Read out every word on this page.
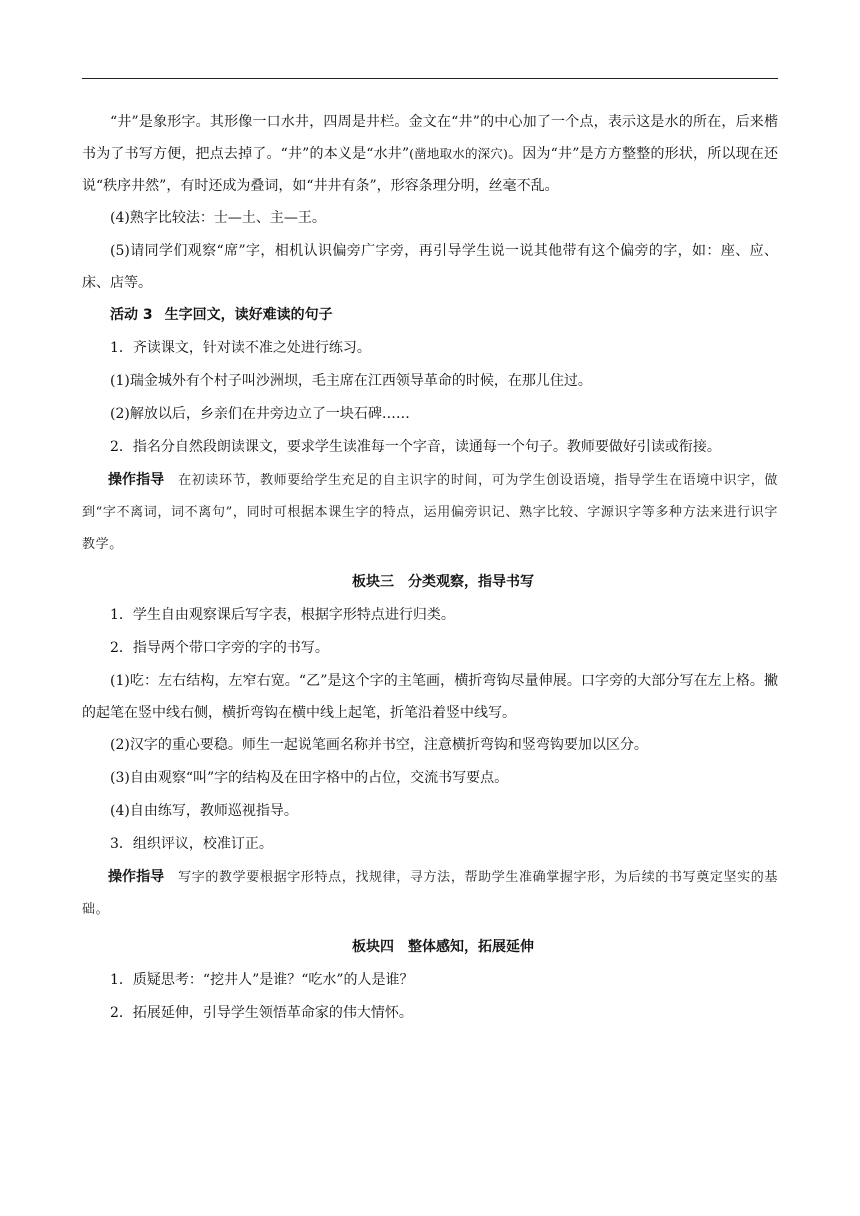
“井”是象形字。其形像一口水井，四周是井栏。金文在“井”的中心加了一个点，表示这是水的所在，后来楷书为了书写方便，把点去掉了。“井”的本义是“水井”(凿地取水的深穴)。因为“井”是方方整整的形状，所以现在还说“秩序井然”，有时还成为叠词，如“井井有条”，形容条理分明，丝毫不乱。

(4)熟字比较法：士—土、主—王。

(5)请同学们观察“席”字，相机认识偏旁广字旁，再引导学生说一说其他带有这个偏旁的字，如：座、应、床、店等。

活动 3 生字回文，读好难读的句子

1．齐读课文，针对读不准之处进行练习。

(1)瑞金城外有个村子叫沙洲坝，毛主席在江西领导革命的时候，在那儿住过。

(2)解放以后，乡亲们在井旁边立了一块石碑……

2．指名分自然段朗读课文，要求学生读准每一个字音，读通每一个句子。教师要做好引读或衔接。

操作指导 在初读环节，教师要给学生充足的自主识字的时间，可为学生创设语境，指导学生在语境中识字，做到“字不离词，词不离句”，同时可根据本课生字的特点，运用偏旁识记、熟字比较、字源识字等多种方法来进行识字教学。

板块三 分类观察，指导书写

1．学生自由观察课后写字表，根据字形特点进行归类。

2．指导两个带口字旁的字的书写。

(1)吃：左右结构，左窄右宽。“乙”是这个字的主笔画，横折弯钩尽量伸展。口字旁的大部分写在左上格。撇的起笔在竖中线右侧，横折弯钩在横中线上起笔，折笔沿着竖中线写。

(2)汉字的重心要稳。师生一起说笔画名称并书空，注意横折弯钩和竖弯钩要加以区分。

(3)自由观察“叫”字的结构及在田字格中的占位，交流书写要点。

(4)自由练写，教师巡视指导。

3．组织评议，校准订正。

操作指导 写字的教学要根据字形特点，找规律，寻方法，帮助学生准确掌握字形，为后续的书写奠定坚实的基础。

板块四 整体感知，拓展延伸

1．质疑思考：“挖井人”是谁？“吃水”的人是谁？

2．拓展延伸，引导学生领悟革命家的伟大情怀。
